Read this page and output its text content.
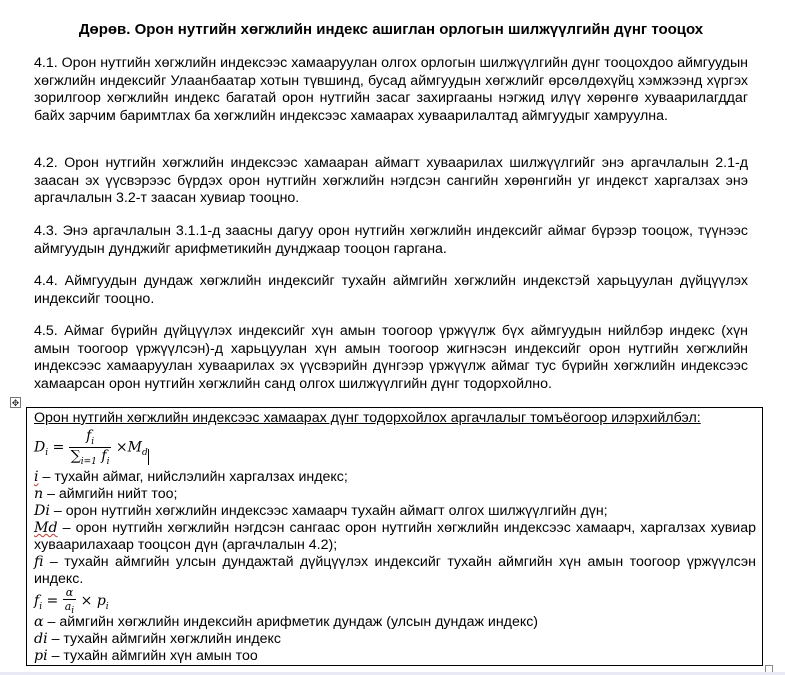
Дөрөв. Орон нутгийн хөгжлийн индекс ашиглан орлогын шилжүүлгийн дүнг тооцох
4.1. Орон нутгийн хөгжлийн индексээс хамааруулан олгох орлогын шилжүүлгийн дүнг тооцохдоо аймгуудын хөгжлийн индексийг Улаанбаатар хотын түвшинд, бусад аймгуудын хөгжлийг өрсөлдөхүйц хэмжээнд хүргэх зорилгоор хөгжлийн индекс багатай орон нутгийн засаг захиргааны нэгжид илүү хөрөнгө хуваарилагддаг байх зарчим баримтлах ба хөгжлийн индексээс хамаарах хуваарилалтад аймгуудыг хамруулна.
4.2. Орон нутгийн хөгжлийн индексээс хамааран аймагт хуваарилах шилжүүлгийг энэ аргачлалын 2.1-д заасан эх үүсвэрээс бүрдэх орон нутгийн хөгжлийн нэгдсэн сангийн хөрөнгийн уг индекст харгалзах энэ аргачлалын 3.2-т заасан хувиар тооцно.
4.3. Энэ аргачлалын 3.1.1-д заасны дагуу орон нутгийн хөгжлийн индексийг аймаг бүрээр тооцож, түүнээс аймгуудын дунджийг арифметикийн дунджаар тооцон гаргана.
4.4. Аймгуудын дундаж хөгжлийн индексийг тухайн аймгийн хөгжлийн индекстэй харьцуулан дүйцүүлэх индексийг тооцно.
4.5. Аймаг бүрийн дүйцүүлэх индексийг хүн амын тоогоор үржүүлж бүх аймгуудын нийлбэр индекс (хүн амын тоогоор үржүүлсэн)-д харьцуулан хүн амын тоогоор жигнэсэн индексийг орон нутгийн хөгжлийн индексээс хамааруулан хуваарилах эх үүсвэрийн дүнгээр үржүүлж аймаг тус бүрийн хөгжлийн индексээс хамаарсан орон нутгийн хөгжлийн санд олгох шилжүүлгийн дүнг тодорхойлно.
✥
Орон нутгийн хөгжлийн индексээс хамаарах дүнг тодорхойлох аргачлалыг томъёогоор илэрхийлбэл:
$D_i = \frac{f_i}{\sum_{i=1} f_i} \times M_d$
i – тухайн аймаг, нийслэлийн харгалзах индекс;
n – аймгийн нийт тоо;
Di – орон нутгийн хөгжлийн индексээс хамаарч тухайн аймагт олгох шилжүүлгийн дүн;
Md – орон нутгийн хөгжлийн нэгдсэн сангаас орон нутгийн хөгжлийн индексээс хамаарч, харгалзах хувиар хуваарилахаар тооцсон дүн (аргачлалын 4.2);
fi – тухайн аймгийн улсын дундажтай дүйцүүлэх индексийг тухайн аймгийн хүн амын тоогоор үржүүлсэн индекс.
$f_i = \frac{\alpha}{a_i} \times p_i$
α – аймгийн хөгжлийн индексийн арифметик дундаж (улсын дундаж индекс)
di – тухайн аймгийн хөгжлийн индекс
pi – тухайн аймгийн хүн амын тоо
